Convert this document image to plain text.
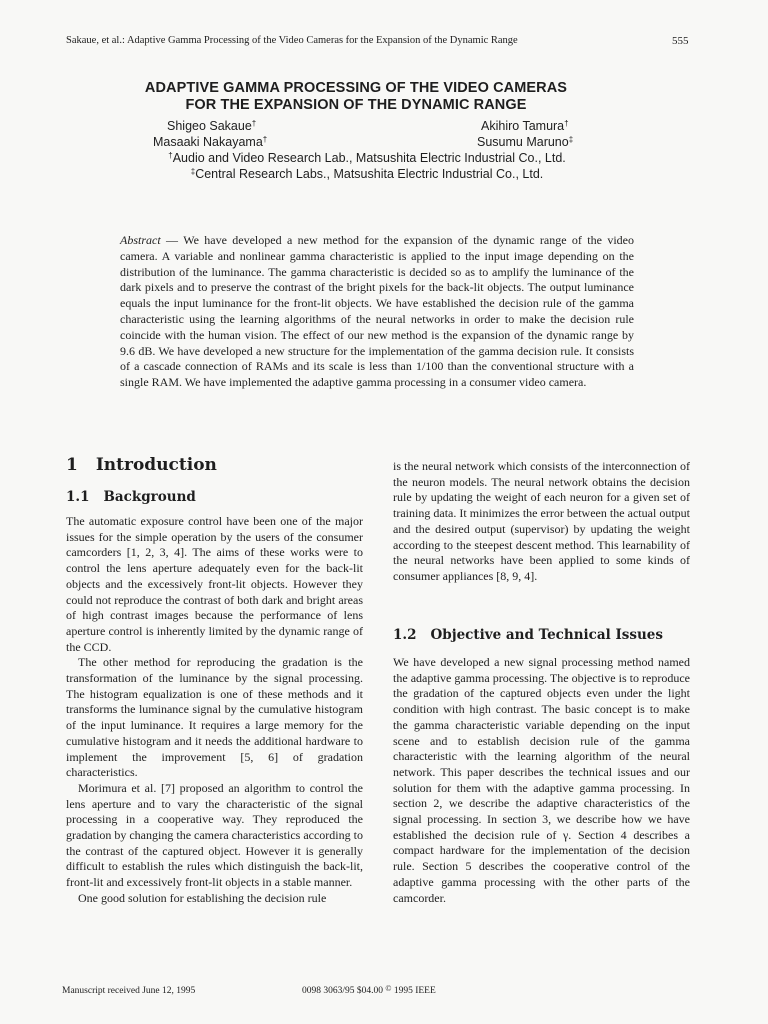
Sakaue, et al.: Adaptive Gamma Processing of the Video Cameras for the Expansion of the Dynamic Range	555
ADAPTIVE GAMMA PROCESSING OF THE VIDEO CAMERAS
FOR THE EXPANSION OF THE DYNAMIC RANGE
Shigeo Sakaue†	Akihiro Tamura†
Masaaki Nakayama†	Susumu Maruno‡
†Audio and Video Research Lab., Matsushita Electric Industrial Co., Ltd.
‡Central Research Labs., Matsushita Electric Industrial Co., Ltd.
Abstract — We have developed a new method for the expansion of the dynamic range of the video camera. A variable and nonlinear gamma characteristic is applied to the input image depending on the distribution of the luminance. The gamma characteristic is decided so as to amplify the luminance of the dark pixels and to preserve the contrast of the bright pixels for the back-lit objects. The output luminance equals the input luminance for the front-lit objects. We have established the decision rule of the gamma characteristic using the learning algorithms of the neural networks in order to make the decision rule coincide with the human vision. The effect of our new method is the expansion of the dynamic range by 9.6 dB. We have developed a new structure for the implementation of the gamma decision rule. It consists of a cascade connection of RAMs and its scale is less than 1/100 than the conventional structure with a single RAM. We have implemented the adaptive gamma processing in a consumer video camera.
1 Introduction
1.1 Background

The automatic exposure control have been one of the major issues for the simple operation by the users of the consumer camcorders [1, 2, 3, 4]. The aims of these works were to control the lens aperture adequately even for the back-lit objects and the excessively front-lit objects. However they could not reproduce the contrast of both dark and bright areas of high contrast images because the performance of lens aperture control is inherently limited by the dynamic range of the CCD.

The other method for reproducing the gradation is the transformation of the luminance by the signal processing. The histogram equalization is one of these methods and it transforms the luminance signal by the cumulative histogram of the input luminance. It requires a large memory for the cumulative histogram and it needs the additional hardware to implement the improvement [5, 6] of gradation characteristics.

Morimura et al. [7] proposed an algorithm to control the lens aperture and to vary the characteristic of the signal processing in a cooperative way. They reproduced the gradation by changing the camera characteristics according to the contrast of the captured object. However it is generally difficult to establish the rules which distinguish the back-lit, front-lit and excessively front-lit objects in a stable manner.

One good solution for establishing the decision rule

is the neural network which consists of the interconnection of the neuron models. The neural network obtains the decision rule by updating the weight of each neuron for a given set of training data. It minimizes the error between the actual output and the desired output (supervisor) by updating the weight according to the steepest descent method. This learnability of the neural networks have been applied to some kinds of consumer appliances [8, 9, 4].

1.2 Objective and Technical Issues

We have developed a new signal processing method named the adaptive gamma processing. The objective is to reproduce the gradation of the captured objects even under the light condition with high contrast. The basic concept is to make the gamma characteristic variable depending on the input scene and to establish decision rule of the gamma characteristic with the learning algorithm of the neural network. This paper describes the technical issues and our solution for them with the adaptive gamma processing. In section 2, we describe the adaptive characteristics of the signal processing. In section 3, we describe how we have established the decision rule of γ. Section 4 describes a compact hardware for the implementation of the decision rule. Section 5 describes the cooperative control of the adaptive gamma processing with the other parts of the camcorder.

Manuscript received June 12, 1995	0098 3063/95 $04.00 © 1995 IEEE
